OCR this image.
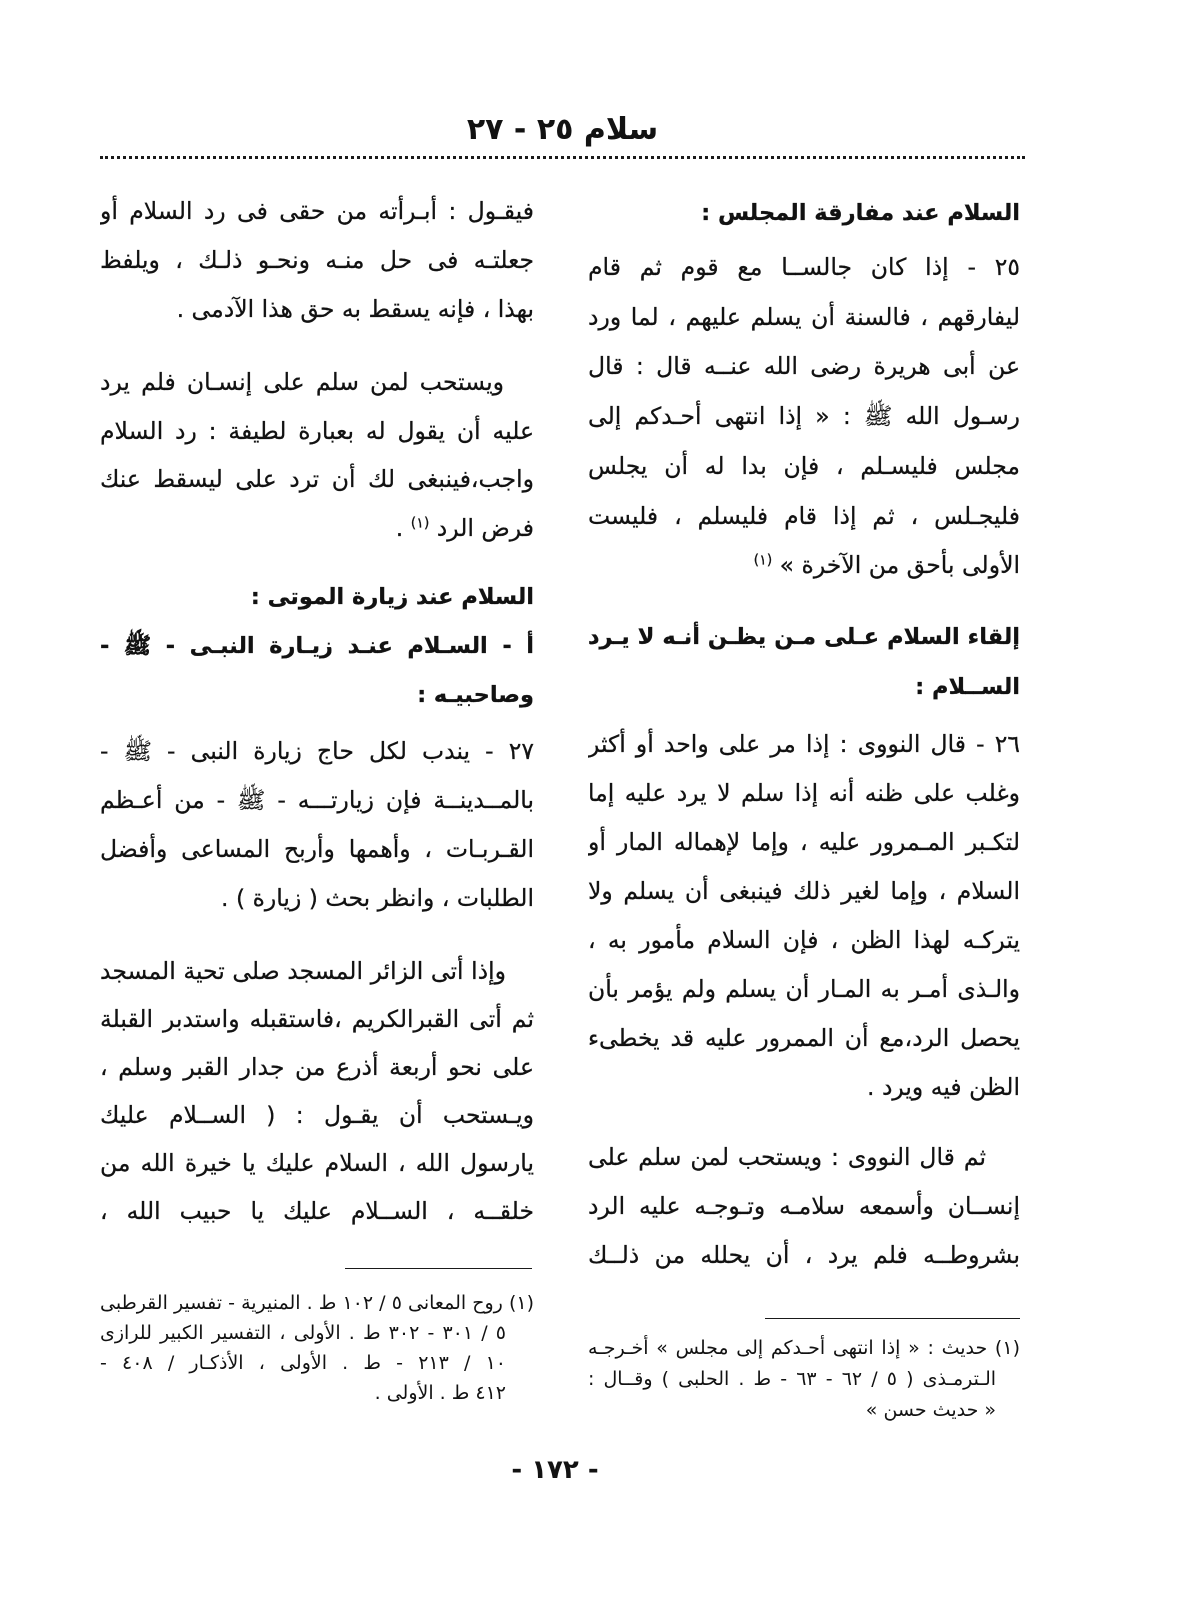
سلام ٢٥ - ٢٧
السلام عند مفارقة المجلس :
٢٥ - إذا كان جالســا مع قوم ثم قام
ليفارقهم ، فالسنة أن يسلم عليهم ، لما ورد
عن أبى هريرة رضى الله عنــه قال : قال
رسـول الله ﷺ : « إذا انتهى أحـدكم إلى
مجلس فليسـلم ، فإن بدا له أن يجلس
فليجـلس ، ثم إذا قام فليسلم ، فليست
الأولى بأحق من الآخرة » $^{(١)}$
إلقاء السلام عـلى مـن يظـن أنـه لا يـرد
الســلام :
٢٦ - قال النووى : إذا مر على واحد أو أكثر
وغلب على ظنه أنه إذا سلم لا يرد عليه إما
لتكـبر المـمرور عليه ، وإما لإهماله المار أو
السلام ، وإما لغير ذلك فينبغى أن يسلم ولا
يتركـه لهذا الظن ، فإن السلام مأمور به ،
والـذى أمـر به المـار أن يسلم ولم يؤمر بأن
يحصل الرد،مع أن الممرور عليه قد يخطىء
الظن فيه ويرد .
ثم قال النووى : ويستحب لمن سلم على
إنســان وأسمعه سلامـه وتـوجـه عليه الرد
بشروطــه فلم يرد ، أن يحلله من ذلــك
(١) حديث : « إذا انتهى أحـدكم إلى مجلس » أخـرجـه
الـترمـذى ( ٥ / ٦٢ - ٦٣ - ط . الحلبى ) وقــال :
« حديث حسن »
فيقـول : أبـرأته من حقى فى رد السلام أو
جعلتـه فى حل منـه ونحـو ذلـك ، ويلفظ
بهذا ، فإنه يسقط به حق هذا الآدمى .
ويستحب لمن سلم على إنسـان فلم يرد
عليه أن يقول له بعبارة لطيفة : رد السلام
واجب،فينبغى لك أن ترد على ليسقط عنك
فرض الرد $^{(١)}$ .
السلام عند زيارة الموتى :
أ - السـلام عنـد زيـارة النبـى - ﷺ -
وصاحبيـه :
٢٧ - يندب لكل حاج زيارة النبى - ﷺ -
بالمــدينــة فإن زيارتـــه - ﷺ - من أعـظم
القـربـات ، وأهمها وأربح المساعى وأفضل
الطلبات ، وانظر بحث ( زيارة ) .
وإذا أتى الزائر المسجد صلى تحية المسجد
ثم أتى القبرالكريم ،فاستقبله واستدبر القبلة
على نحو أربعة أذرع من جدار القبر وسلم ،
ويـستحب أن يقـول : ( الســلام عليك
يارسول الله ، السلام عليك يا خيرة الله من
خلقــه ، الســلام عليك يا حبيب الله ،
(١) روح المعانى ٥ / ١٠٢ ط . المنيرية - تفسير القرطبى
٥ / ٣٠١ - ٣٠٢ ط . الأولى ، التفسير الكبير للرازى
١٠ / ٢١٣ - ط . الأولى ، الأذكـار / ٤٠٨ -
٤١٢ ط . الأولى .
- ١٧٢ -
